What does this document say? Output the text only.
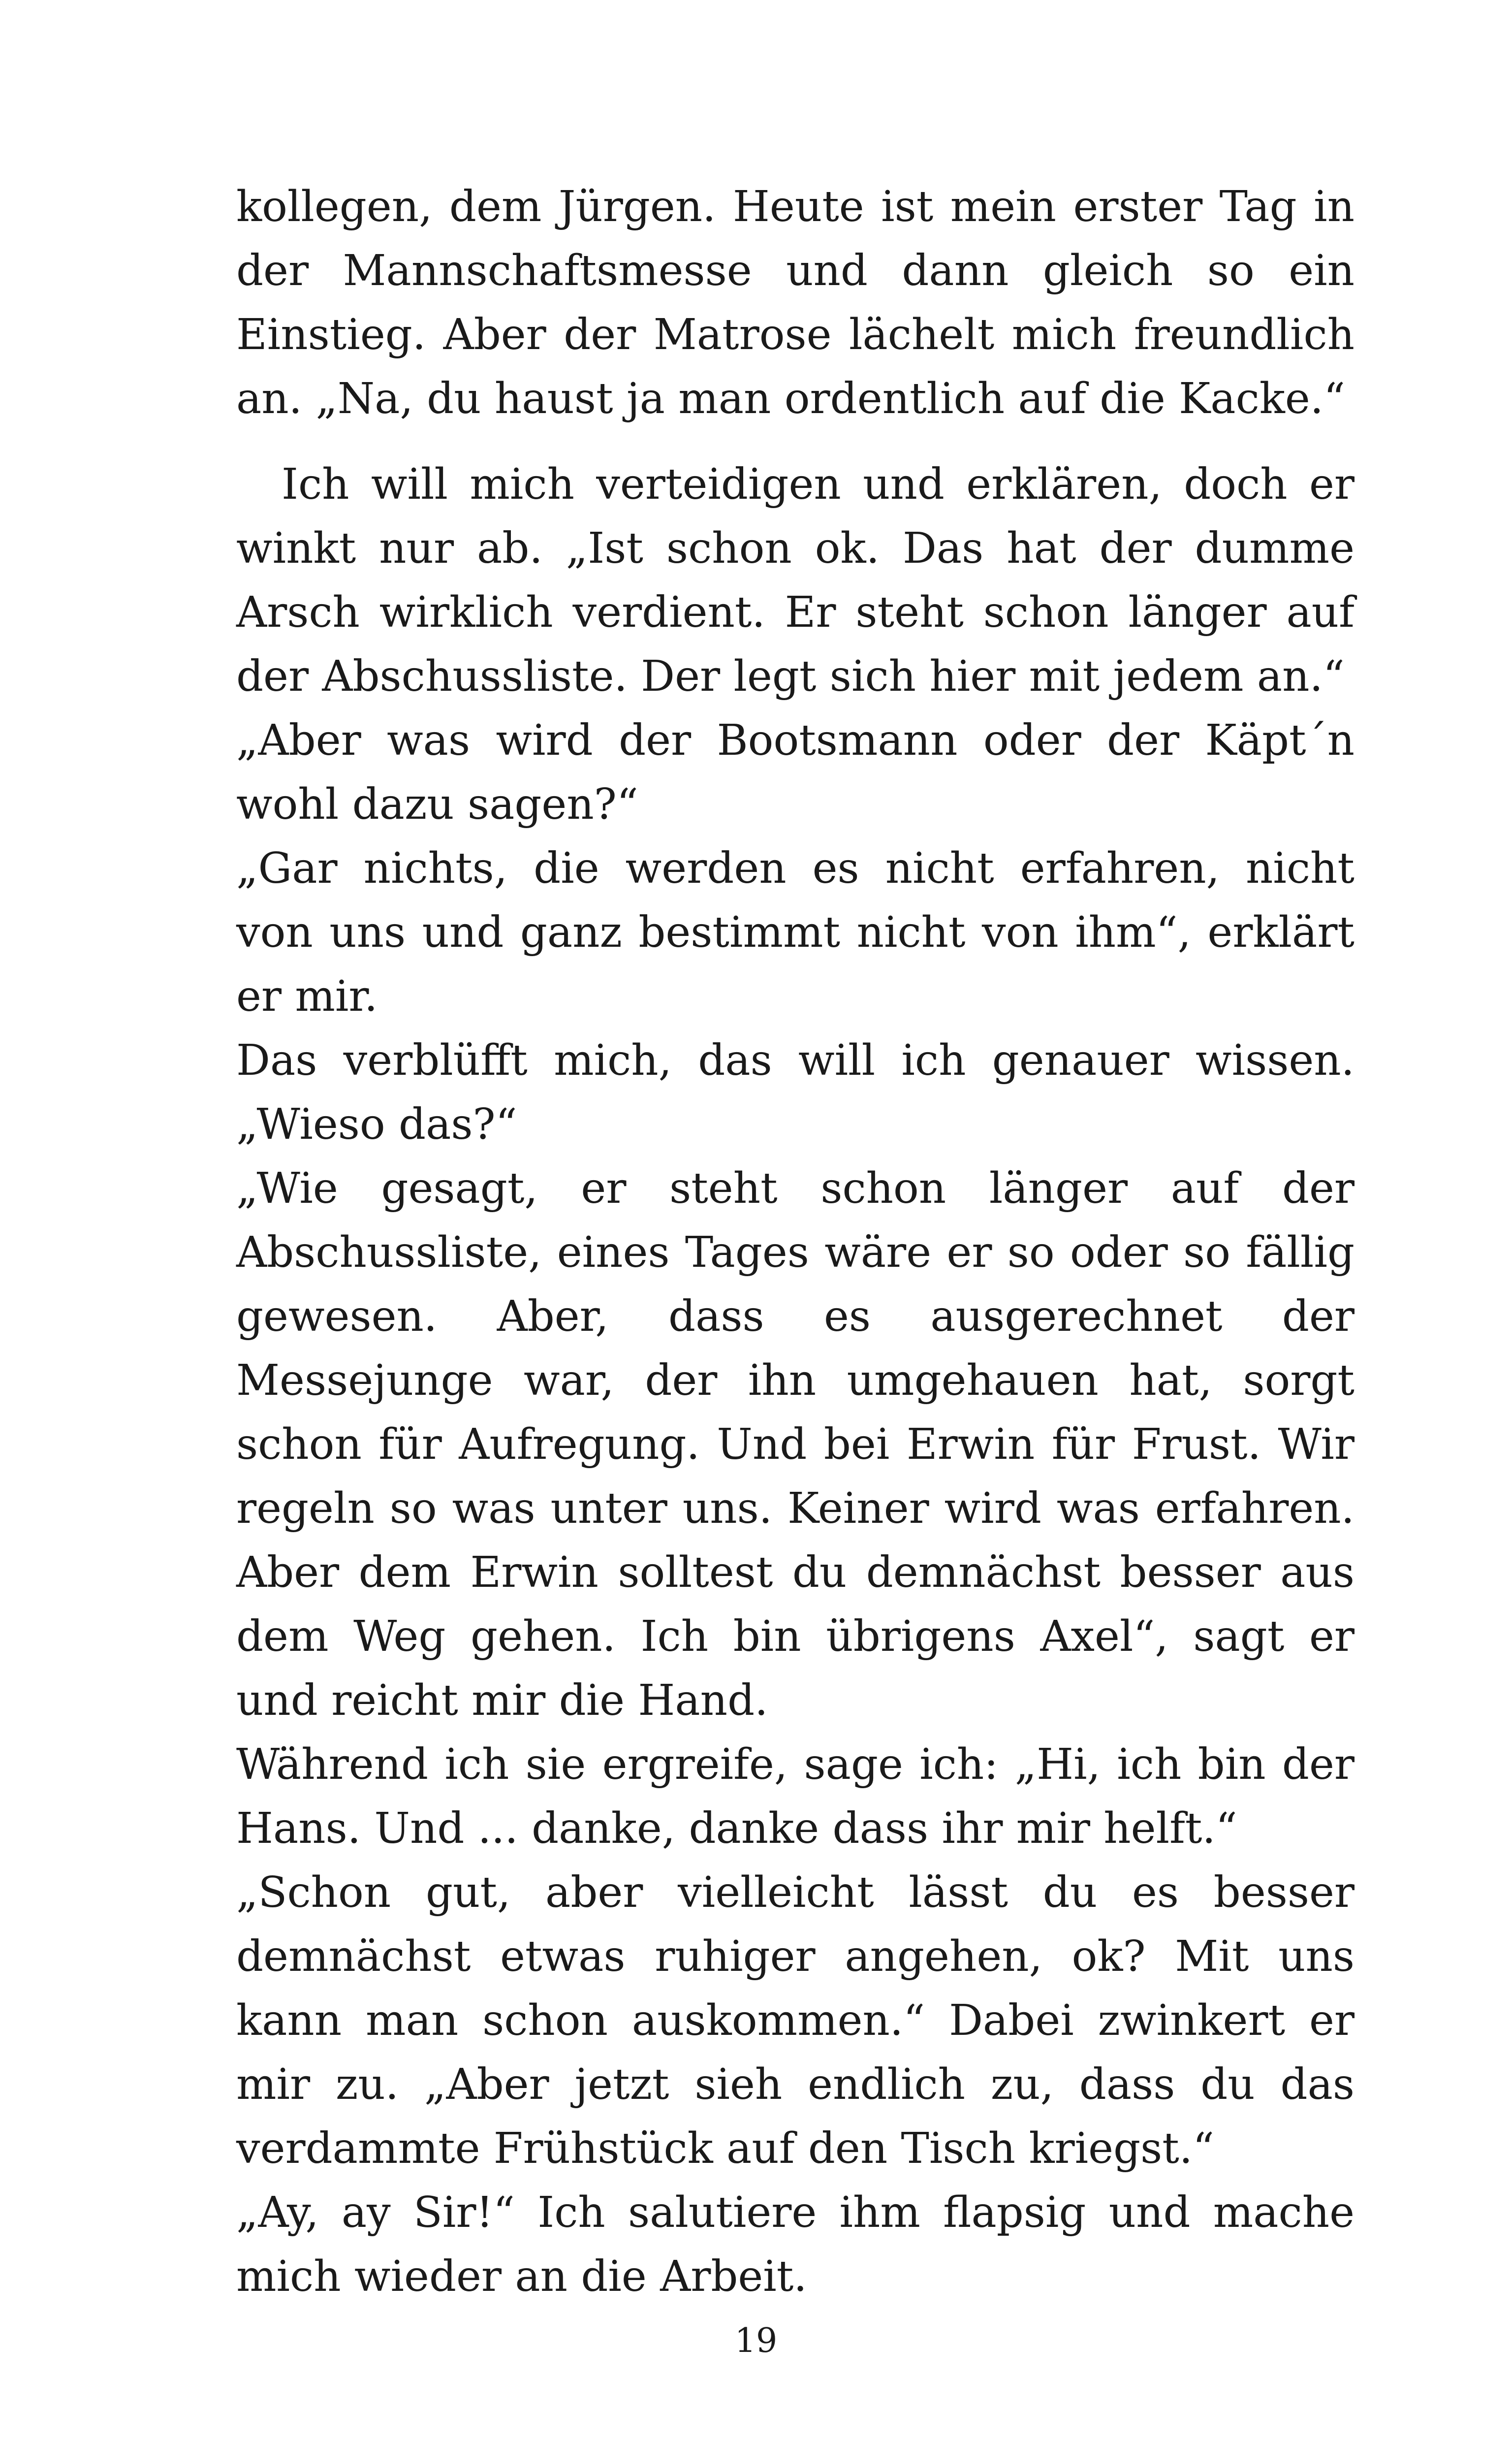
kollegen, dem Jürgen. Heute ist mein erster Tag in der Mannschaftsmesse und dann gleich so ein Einstieg. Aber der Matrose lächelt mich freundlich an. „Na, du haust ja man ordentlich auf die Kacke.“

Ich will mich verteidigen und erklären, doch er winkt nur ab. „Ist schon ok. Das hat der dumme Arsch wirklich verdient. Er steht schon länger auf der Abschussliste. Der legt sich hier mit jedem an.“

„Aber was wird der Bootsmann oder der Käpt´n wohl dazu sagen?“

„Gar nichts, die werden es nicht erfahren, nicht von uns und ganz bestimmt nicht von ihm“, erklärt er mir.

Das verblüfft mich, das will ich genauer wissen. „Wieso das?“

„Wie gesagt, er steht schon länger auf der Abschussliste, eines Tages wäre er so oder so fällig gewesen. Aber, dass es ausgerechnet der Messejunge war, der ihn umgehauen hat, sorgt schon für Aufregung. Und bei Erwin für Frust. Wir regeln so was unter uns. Keiner wird was erfahren. Aber dem Erwin solltest du demnächst besser aus dem Weg gehen. Ich bin übrigens Axel“, sagt er und reicht mir die Hand.

Während ich sie ergreife, sage ich: „Hi, ich bin der Hans. Und ... danke, danke dass ihr mir helft.“

„Schon gut, aber vielleicht lässt du es besser demnächst etwas ruhiger angehen, ok? Mit uns kann man schon auskommen.“ Dabei zwinkert er mir zu. „Aber jetzt sieh endlich zu, dass du das verdammte Frühstück auf den Tisch kriegst.“

„Ay, ay Sir!“ Ich salutiere ihm flapsig und mache mich wieder an die Arbeit.

19
